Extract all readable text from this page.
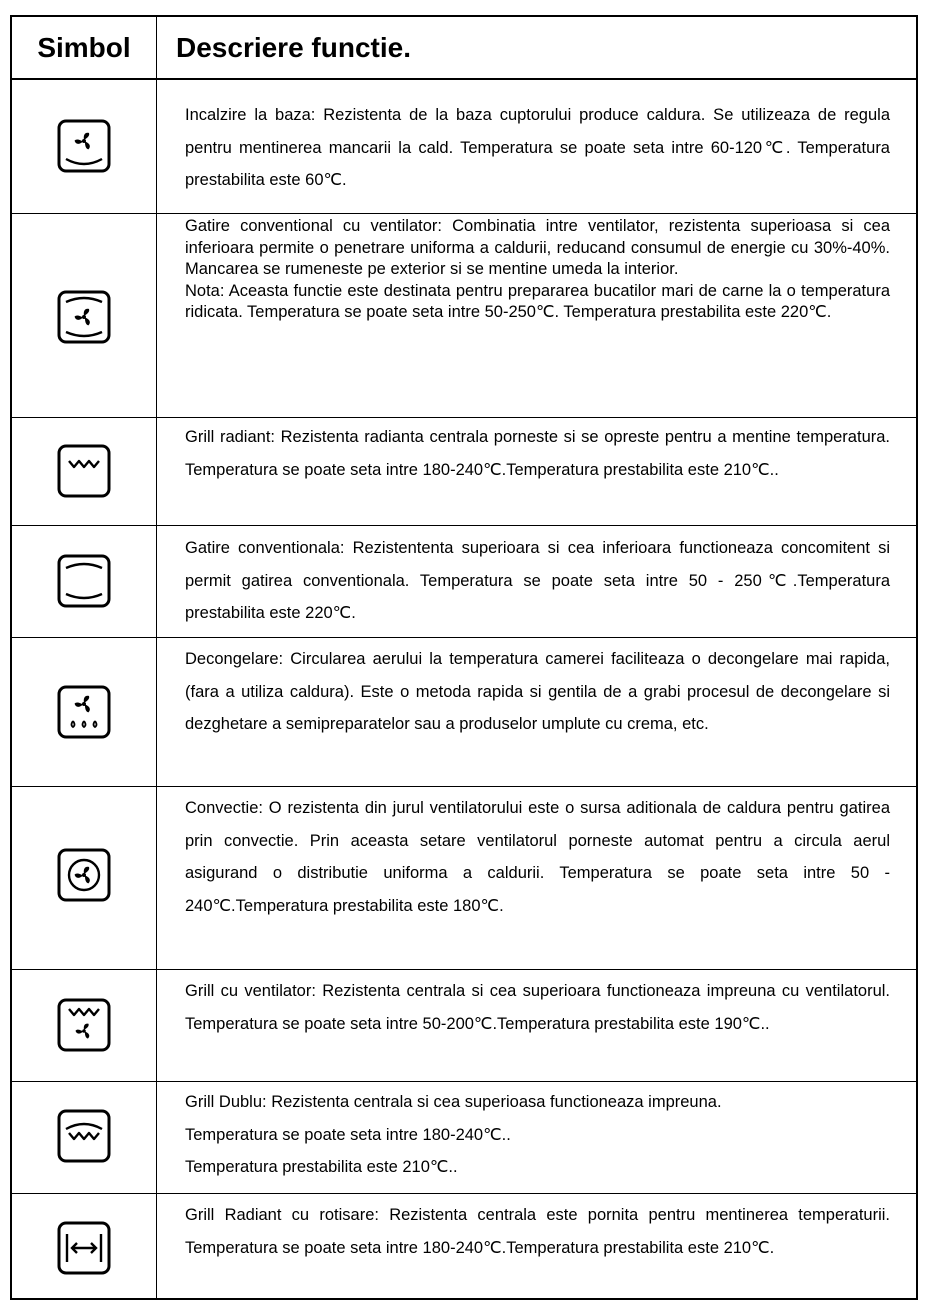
Simbol	Descriere functie.

Incalzire la baza: Rezistenta de la baza cuptorului produce caldura. Se utilizeaza de regula pentru mentinerea mancarii la cald. Temperatura se poate seta intre 60-120℃. Temperatura prestabilita este 60℃.

Gatire conventional cu ventilator: Combinatia intre ventilator, rezistenta superioasa si cea inferioara permite o penetrare uniforma a caldurii, reducand consumul de energie cu 30%-40%. Mancarea se rumeneste pe exterior si se mentine umeda la interior.

Nota: Aceasta functie este destinata pentru prepararea bucatilor mari de carne la o temperatura ridicata. Temperatura se poate seta intre 50-250℃. Temperatura prestabilita este 220℃.

Grill radiant: Rezistenta radianta centrala porneste si se opreste pentru a mentine temperatura. Temperatura se poate seta intre 180-240℃.Temperatura prestabilita este 210℃..

Gatire conventionala: Rezistententa superioara si cea inferioara functioneaza concomitent si permit gatirea conventionala. Temperatura se poate seta intre 50 - 250℃.Temperatura prestabilita este 220℃.

Decongelare: Circularea aerului la temperatura camerei faciliteaza o decongelare mai rapida, (fara a utiliza caldura). Este o metoda rapida si gentila de a grabi procesul de decongelare si dezghetare a semipreparatelor sau a produselor umplute cu crema, etc.

Convectie: O rezistenta din jurul ventilatorului este o sursa aditionala de caldura pentru gatirea prin convectie. Prin aceasta setare ventilatorul porneste automat pentru a circula aerul asigurand o distributie uniforma a caldurii. Temperatura se poate seta intre 50 - 240℃.Temperatura prestabilita este 180℃.

Grill cu ventilator: Rezistenta centrala si cea superioara functioneaza impreuna cu ventilatorul. Temperatura se poate seta intre 50-200℃.Temperatura prestabilita este 190℃..

Grill Dublu: Rezistenta centrala si cea superioasa functioneaza impreuna.

Temperatura se poate seta intre 180-240℃..

Temperatura prestabilita este 210℃..

Grill Radiant cu rotisare: Rezistenta centrala este pornita pentru mentinerea temperaturii. Temperatura se poate seta intre 180-240℃.Temperatura prestabilita este 210℃.
